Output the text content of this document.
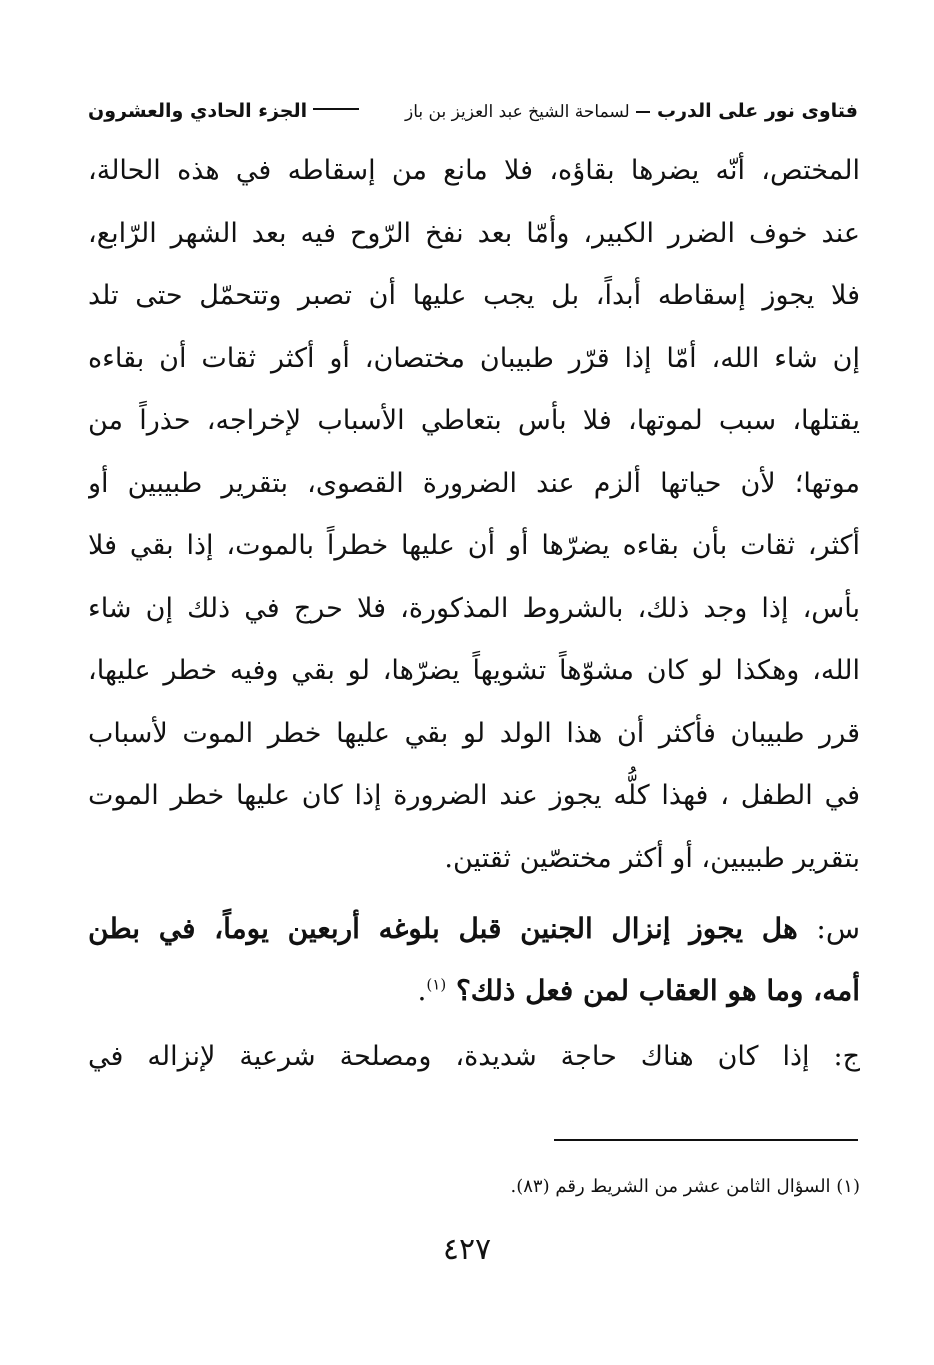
فتاوى نور على الدرب  لسماحة الشيخ عبد العزيز بن باز
الجزء الحادي والعشرون
المختص، أنّه يضرها بقاؤه، فلا مانع من إسقاطه في هذه الحالة،
عند خوف الضرر الكبير، وأمّا بعد نفخ الرّوح فيه بعد الشهر الرّابع،
فلا يجوز إسقاطه أبداً، بل يجب عليها أن تصبر وتتحمّل حتى تلد
إن شاء الله، أمّا إذا قرّر طبيبان مختصان، أو أكثر ثقات أن بقاءه
يقتلها، سبب لموتها، فلا بأس بتعاطي الأسباب لإخراجه، حذراً من
موتها؛ لأن حياتها ألزم عند الضرورة القصوى، بتقرير طبيبين أو
أكثر، ثقات بأن بقاءه يضرّها أو أن عليها خطراً بالموت، إذا بقي فلا
بأس، إذا وجد ذلك، بالشروط المذكورة، فلا حرج في ذلك إن شاء
الله، وهكذا لو كان مشوّهاً تشويهاً يضرّها، لو بقي وفيه خطر عليها،
قرر طبيبان فأكثر أن هذا الولد لو بقي عليها خطر الموت لأسباب
في الطفل ، فهذا كلُّه يجوز عند الضرورة إذا كان عليها خطر الموت
بتقرير طبيبين، أو أكثر مختصّين ثقتين.
س: هل يجوز إنزال الجنين قبل بلوغه أربعين يوماً، في بطن
أمه، وما هو العقاب لمن فعل ذلك؟ $^{(١)}$.
ج: إذا كان هناك حاجة شديدة، ومصلحة شرعية لإنزاله في
(١) السؤال الثامن عشر من الشريط رقم (٨٣).
٤٢٧
